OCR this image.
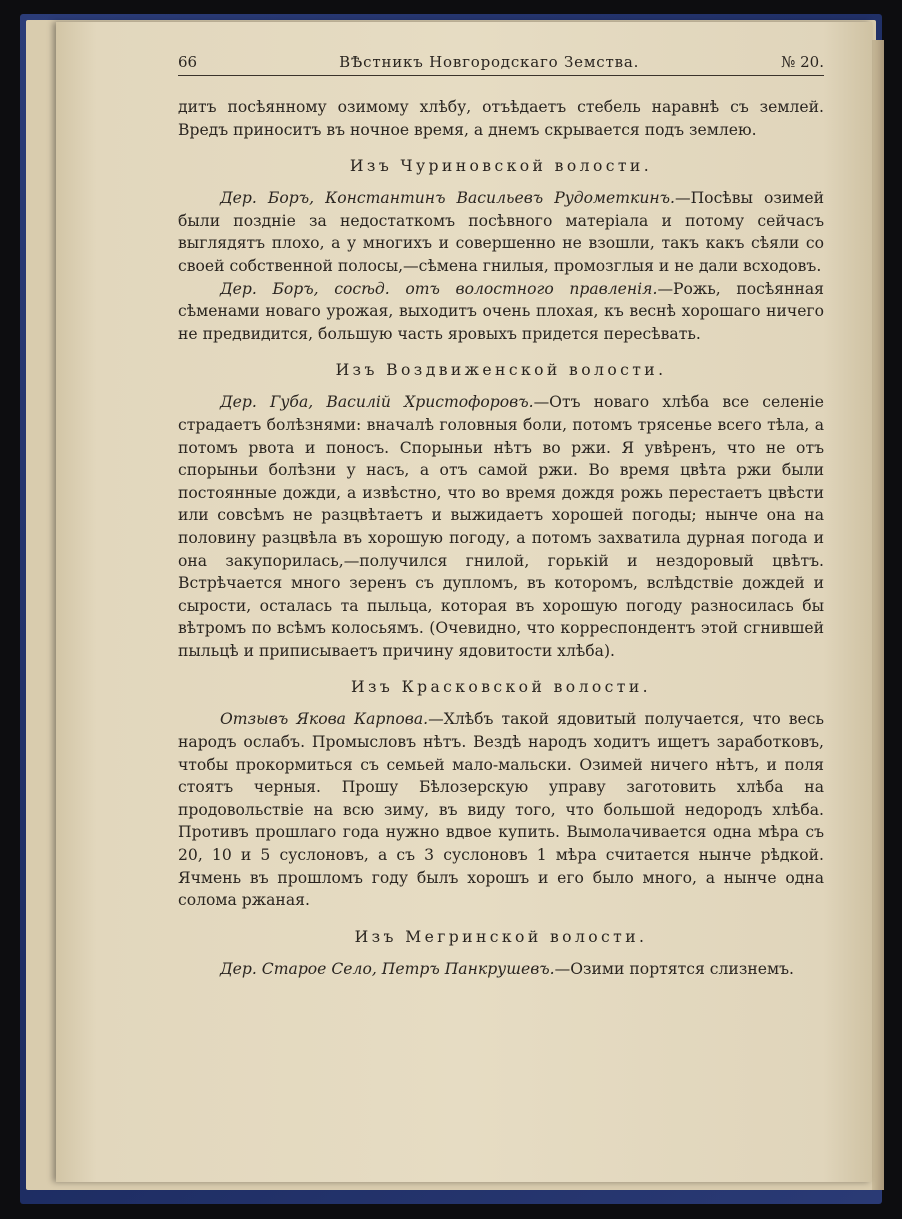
66	ВѢстникъ Новгородскаго Земства.	№ 20.

дитъ посѣянному озимому хлѣбу, отъѣдаетъ стебель наравнѣ съ землей. Вредъ приноситъ въ ночное время, а днемъ скрывается подъ землею.

Изъ Чуриновской волости.

Дер. Боръ, Константинъ Васильевъ Рудометкинъ.—Посѣвы озимей были поздніе за недостаткомъ посѣвного матеріала и потому сейчасъ выглядятъ плохо, а у многихъ и совершенно не взошли, такъ какъ сѣяли со своей собственной полосы,—сѣмена гнилыя, промозглыя и не дали всходовъ.

Дер. Боръ, сосѣд. отъ волостного правленія.—Рожь, посѣянная сѣменами новаго урожая, выходитъ очень плохая, къ веснѣ хорошаго ничего не предвидится, большую часть яровыхъ придется пересѣвать.

Изъ Воздвиженской волости.

Дер. Губа, Василій Христофоровъ.—Отъ новаго хлѣба все селеніе страдаетъ болѣзнями: вначалѣ головныя боли, потомъ трясенье всего тѣла, а потомъ рвота и поносъ. Спорыньи нѣтъ во ржи. Я увѣренъ, что не отъ спорыньи болѣзни у насъ, а отъ самой ржи. Во время цвѣта ржи были постоянные дожди, а извѣстно, что во время дождя рожь перестаетъ цвѣсти или совсѣмъ не разцвѣтаетъ и выжидаетъ хорошей погоды; нынче она на половину разцвѣла въ хорошую погоду, а потомъ захватила дурная погода и она закупорилась,—получился гнилой, горькій и нездоровый цвѣтъ. Встрѣчается много зеренъ съ дупломъ, въ которомъ, вслѣдствіе дождей и сырости, осталась та пыльца, которая въ хорошую погоду разносилась бы вѣтромъ по всѣмъ колосьямъ. (Очевидно, что корреспондентъ этой сгнившей пыльцѣ и приписываетъ причину ядовитости хлѣба).

Изъ Красковской волости.

Отзывъ Якова Карпова.—Хлѣбъ такой ядовитый получается, что весь народъ ослабъ. Промысловъ нѣтъ. Вездѣ народъ ходитъ ищетъ заработковъ, чтобы прокормиться съ семьей мало-мальски. Озимей ничего нѣтъ, и поля стоятъ черныя. Прошу Бѣлозерскую управу заготовить хлѣба на продовольствіе на всю зиму, въ виду того, что большой недородъ хлѣба. Противъ прошлаго года нужно вдвое купить. Вымолачивается одна мѣра съ 20, 10 и 5 суслоновъ, а съ 3 суслоновъ 1 мѣра считается нынче рѣдкой. Ячмень въ прошломъ году былъ хорошъ и его было много, а нынче одна солома ржаная.

Изъ Мегринской волости.

Дер. Старое Село, Петръ Панкрушевъ.—Озими портятся слизнемъ.
